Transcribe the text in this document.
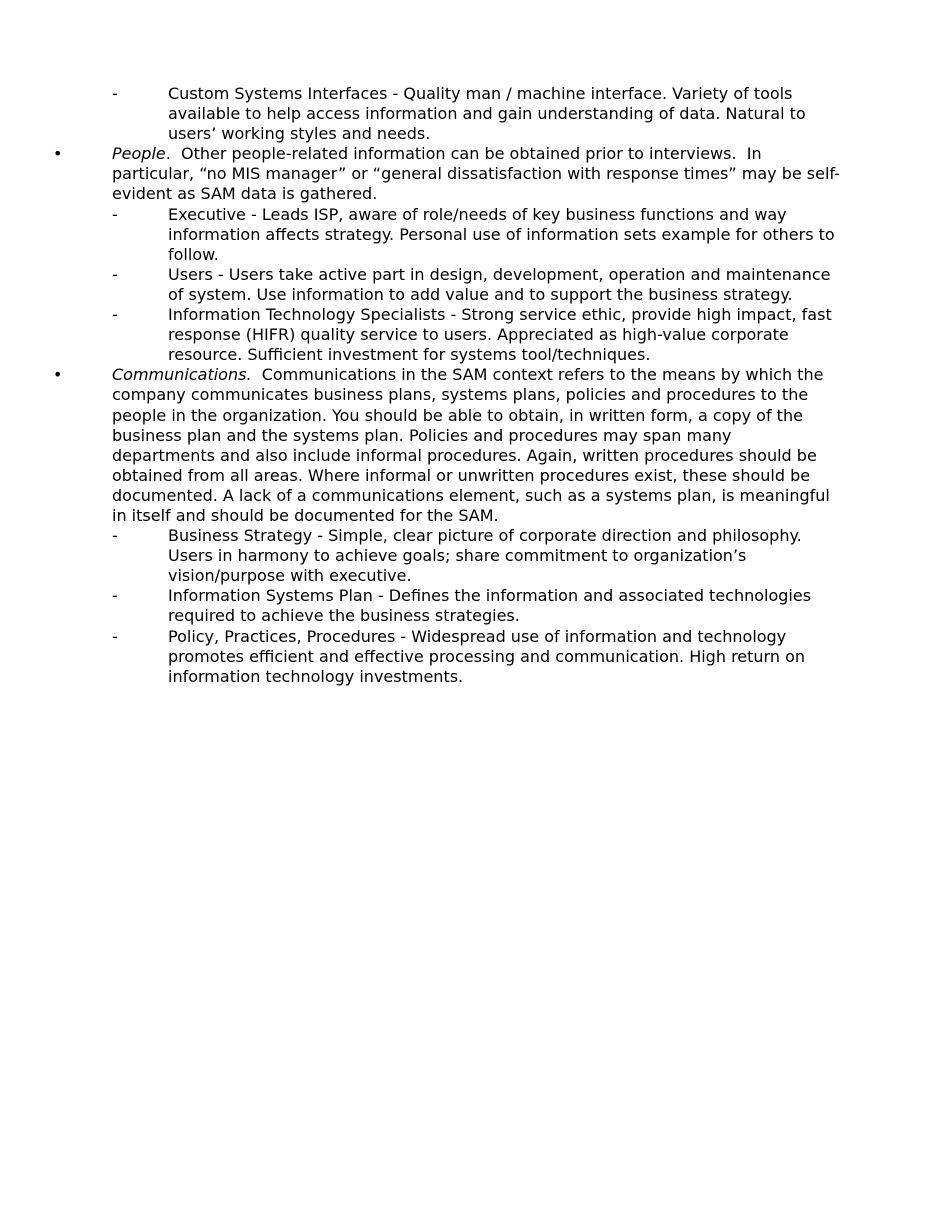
-	Custom Systems Interfaces - Quality man / machine interface. Variety of tools
available to help access information and gain understanding of data. Natural to
users’ working styles and needs.
•	People.  Other people-related information can be obtained prior to interviews.  In
particular, “no MIS manager” or “general dissatisfaction with response times” may be self-
evident as SAM data is gathered.
-	Executive - Leads ISP, aware of role/needs of key business functions and way
information affects strategy. Personal use of information sets example for others to
follow.
-	Users - Users take active part in design, development, operation and maintenance
of system. Use information to add value and to support the business strategy.
-	Information Technology Specialists - Strong service ethic, provide high impact, fast
response (HIFR) quality service to users. Appreciated as high-value corporate
resource. Sufficient investment for systems tool/techniques.
•	Communications.  Communications in the SAM context refers to the means by which the
company communicates business plans, systems plans, policies and procedures to the
people in the organization. You should be able to obtain, in written form, a copy of the
business plan and the systems plan. Policies and procedures may span many
departments and also include informal procedures. Again, written procedures should be
obtained from all areas. Where informal or unwritten procedures exist, these should be
documented. A lack of a communications element, such as a systems plan, is meaningful
in itself and should be documented for the SAM.
-	Business Strategy - Simple, clear picture of corporate direction and philosophy.
Users in harmony to achieve goals; share commitment to organization’s
vision/purpose with executive.
-	Information Systems Plan - Defines the information and associated technologies
required to achieve the business strategies.
-	Policy, Practices, Procedures - Widespread use of information and technology
promotes efficient and effective processing and communication. High return on
information technology investments.
